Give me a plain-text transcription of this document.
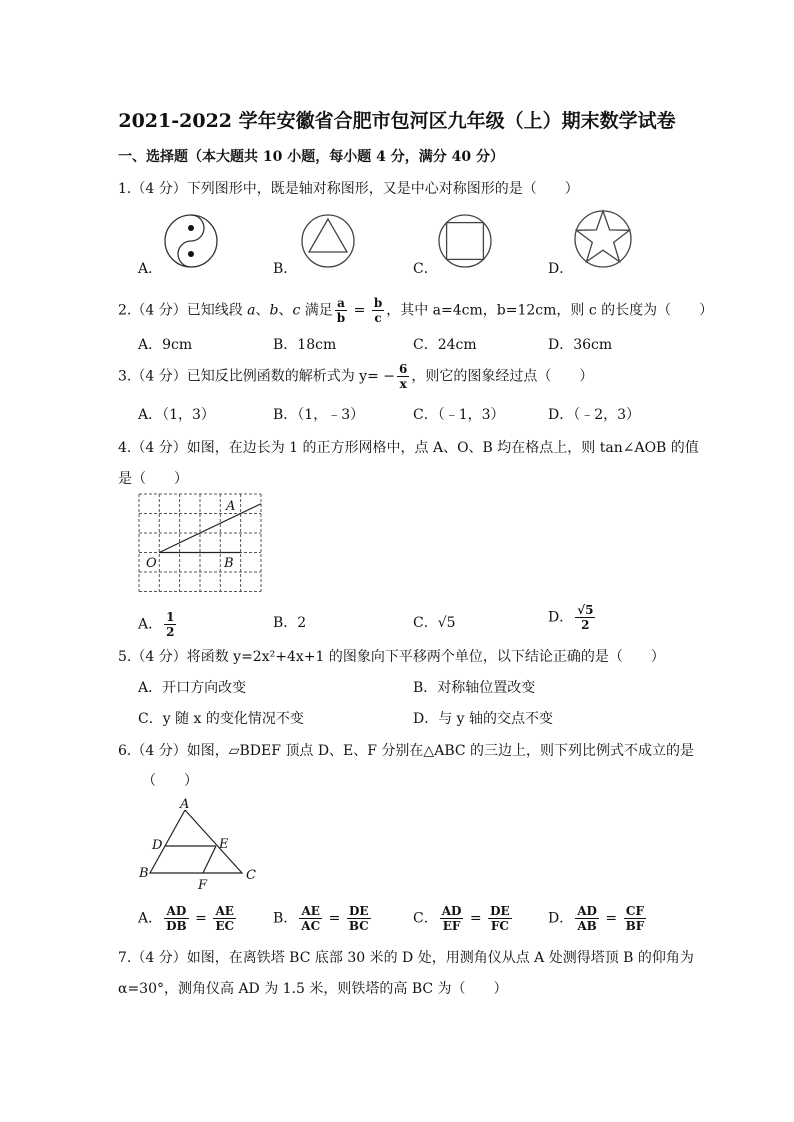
2021-2022 学年安徽省合肥市包河区九年级（上）期末数学试卷
一、选择题（本大题共 10 小题，每小题 4 分，满分 40 分）
1.（4 分）下列图形中，既是轴对称图形，又是中心对称图形的是（　　）
A．	B．	C．	D．
2.（4 分）已知线段 a、b、c 满足 $\frac{a}{b} = \frac{b}{c}$ ，其中 a=4cm，b=12cm，则 c 的长度为（　　）
A．9cm	B．18cm	C．24cm	D．36cm
3.（4 分）已知反比例函数的解析式为 $y= - \frac{6}{x}$ ，则它的图象经过点（　　）
A．（1，3）	B．（1，﹣3）	C．（﹣1，3）	D．（﹣2，3）
4.（4 分）如图，在边长为 1 的正方形网格中，点 A、O、B 均在格点上，则 tan∠AOB 的值
是（　　）
A
O	B
A． $\frac{1}{2}$	B．2	C．√5	D． $\frac{√5}{2}$
5.（4 分）将函数 y=2x²+4x+1 的图象向下平移两个单位，以下结论正确的是（　　）
A．开口方向改变	B．对称轴位置改变
C．y 随 x 的变化情况不变	D．与 y 轴的交点不变
6.（4 分）如图，▱BDEF 顶点 D、E、F 分别在△ABC 的三边上，则下列比例式不成立的是
（　　）
A
D	E
B	C
F
A． $\frac{AD}{DB} = \frac{AE}{EC}$	B． $\frac{AE}{AC} = \frac{DE}{BC}$	C． $\frac{AD}{EF} = \frac{DE}{FC}$	D． $\frac{AD}{AB} = \frac{CF}{BF}$
7.（4 分）如图，在离铁塔 BC 底部 30 米的 D 处，用测角仪从点 A 处测得塔顶 B 的仰角为
α=30°，测角仪高 AD 为 1.5 米，则铁塔的高 BC 为（　　）
